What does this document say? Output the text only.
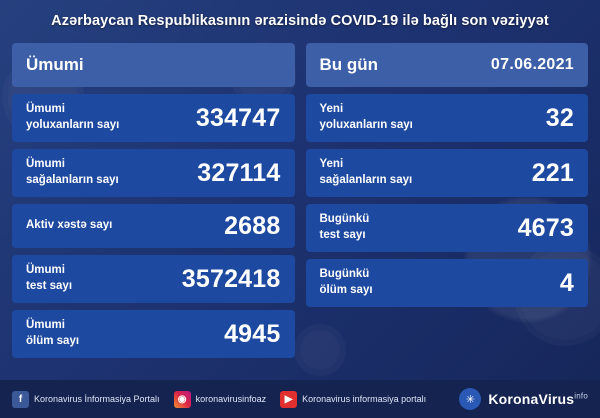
Azərbaycan Respublikasının ərazisində COVID-19 ilə bağlı son vəziyyət
Ümumi
Ümumi
yoluxanların sayı	334747
Ümumi
sağalanların sayı	327114
Aktiv xəstə sayı	2688
Ümumi
test sayı	3572418
Ümumi
ölüm sayı	4945
Bu gün	07.06.2021
Yeni
yoluxanların sayı	32
Yeni
sağalanların sayı	221
Bugünkü
test sayı	4673
Bugünkü
ölüm sayı	4
f	Koronavirus İnformasiya Portalı	◉	koronavirusinfoaz	▶	Koronavirus informasiya portalı	✳ KoronaVirus$^{info}$
